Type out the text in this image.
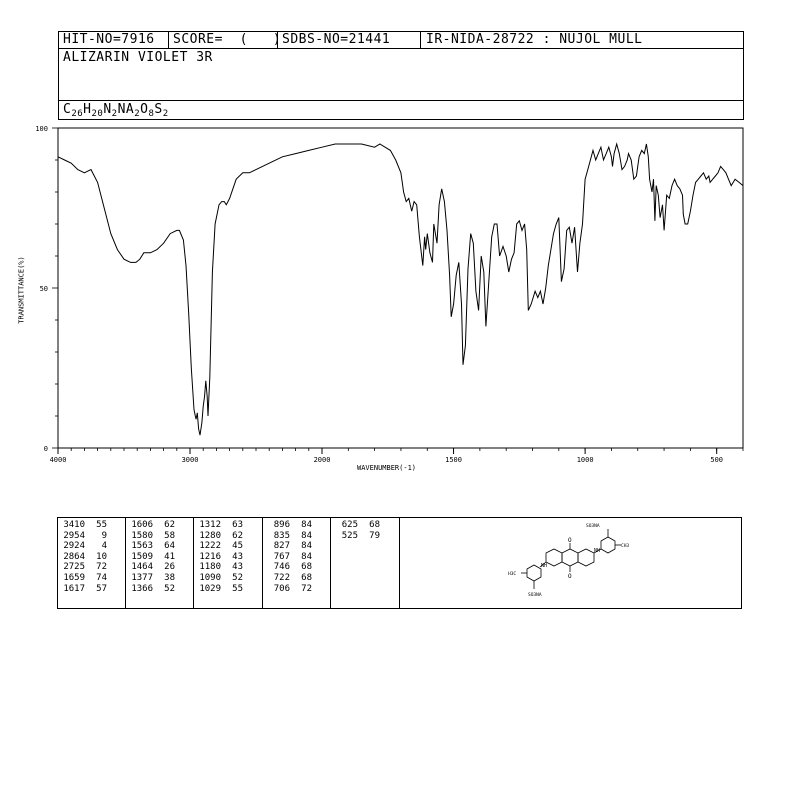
HIT-NO=7916 SCORE=  (   ) SDBS-NO=21441	IR-NIDA-28722 : NUJOL MULL
ALIZARIN VIOLET 3R
$C_{26}H_{20}N_2NA_2O_8S_2$
4000	3000	2000	1500	1000	500
0
50
100
WAVENUMBER(-1)
TRANSMITTANCE(%)
3410	55
2954	9
2924	4
2864	10
2725	72
1659	74
1617	57
1606	62
1580	58
1563	64
1509	41
1464	26
1377	38
1366	52
1312	63
1280	62
1222	45
1216	43
1180	43
1090	52
1029	55
896	84
835	84
827	84
767	84
746	68
722	68
706	72
625	68
525	79	O
O
NH
NH
SO3NA
SO3NA
CH3
H3C
